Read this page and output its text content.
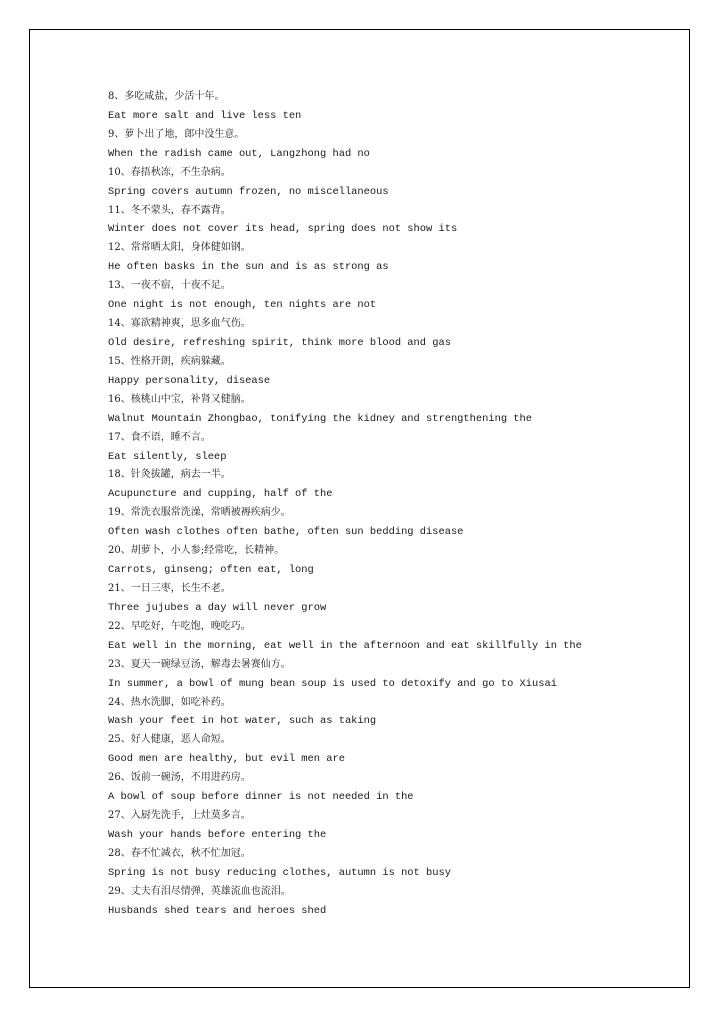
8、多吃咸盐，少活十年。
Eat more salt and live less ten
9、萝卜出了地，郎中没生意。
When the radish came out, Langzhong had no
10、春捂秋冻，不生杂病。
Spring covers autumn frozen, no miscellaneous
11、冬不蒙头，春不露背。
Winter does not cover its head, spring does not show its
12、常常晒太阳，身体健如钢。
He often basks in the sun and is as strong as
13、一夜不宿，十夜不足。
One night is not enough, ten nights are not
14、寡欲精神爽，思多血气伤。
Old desire, refreshing spirit, think more blood and gas
15、性格开朗，疾病躲藏。
Happy personality, disease
16、核桃山中宝，补肾又健脑。
Walnut Mountain Zhongbao, tonifying the kidney and strengthening the
17、食不语，睡不言。
Eat silently, sleep
18、针灸拔罐，病去一半。
Acupuncture and cupping, half of the
19、常洗衣服常洗澡，常晒被褥疾病少。
Often wash clothes often bathe, often sun bedding disease
20、胡萝卜，小人参;经常吃，长精神。
Carrots, ginseng; often eat, long
21、一日三枣，长生不老。
Three jujubes a day will never grow
22、早吃好，午吃饱，晚吃巧。
Eat well in the morning, eat well in the afternoon and eat skillfully in the
23、夏天一碗绿豆汤，解毒去暑赛仙方。
In summer, a bowl of mung bean soup is used to detoxify and go to Xiusai
24、热水洗脚，如吃补药。
Wash your feet in hot water, such as taking
25、好人健康，恶人命短。
Good men are healthy, but evil men are
26、饭前一碗汤，不用进药房。
A bowl of soup before dinner is not needed in the
27、入厨先洗手，上灶莫多言。
Wash your hands before entering the
28、春不忙减衣，秋不忙加冠。
Spring is not busy reducing clothes, autumn is not busy
29、丈夫有泪尽情弹，英雄流血也流泪。
Husbands shed tears and heroes shed
